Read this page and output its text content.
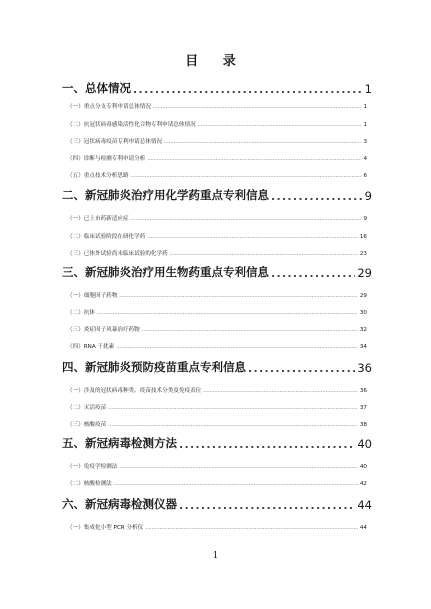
目 录
一、总体情况 .....	1
（一）重点分支专利申请总体情况 .....	1
（二）抗冠状病毒感染活性化合物专利申请总体情况 .....	1
（三）冠状病毒疫苗专利申请总体情况 .....	3
（四）诊断与检测专利申请分析 .....	4
（五）重点技术分析思路 .....	6
二、新冠肺炎治疗用化学药重点专利信息 .....	9
（一）已上市药新适应症 .....	9
（二）临床试验阶段在研化学药 .....	16
（三）已体外试验尚未临床试验的化学药 .....	23
三、新冠肺炎治疗用生物药重点专利信息 .....	29
（一）细胞因子药物 .....	29
（二）抗体 .....	30
（三）炎症因子风暴治疗药物 .....	32
（四）RNA 干扰素 .....	34
四、新冠肺炎预防疫苗重点专利信息 .....	36
（一）涉及的冠状病毒种类、疫苗技术分类及免疫表位 .....	36
（二）灭活疫苗 .....	37
（三）核酸疫苗 .....	38
五、新冠病毒检测方法 .....	40
（一）免疫学检测法 .....	40
（二）核酸检测法 .....	42
六、新冠病毒检测仪器 .....	44
（一）集成化小型 PCR 分析仪 .....	44
1
